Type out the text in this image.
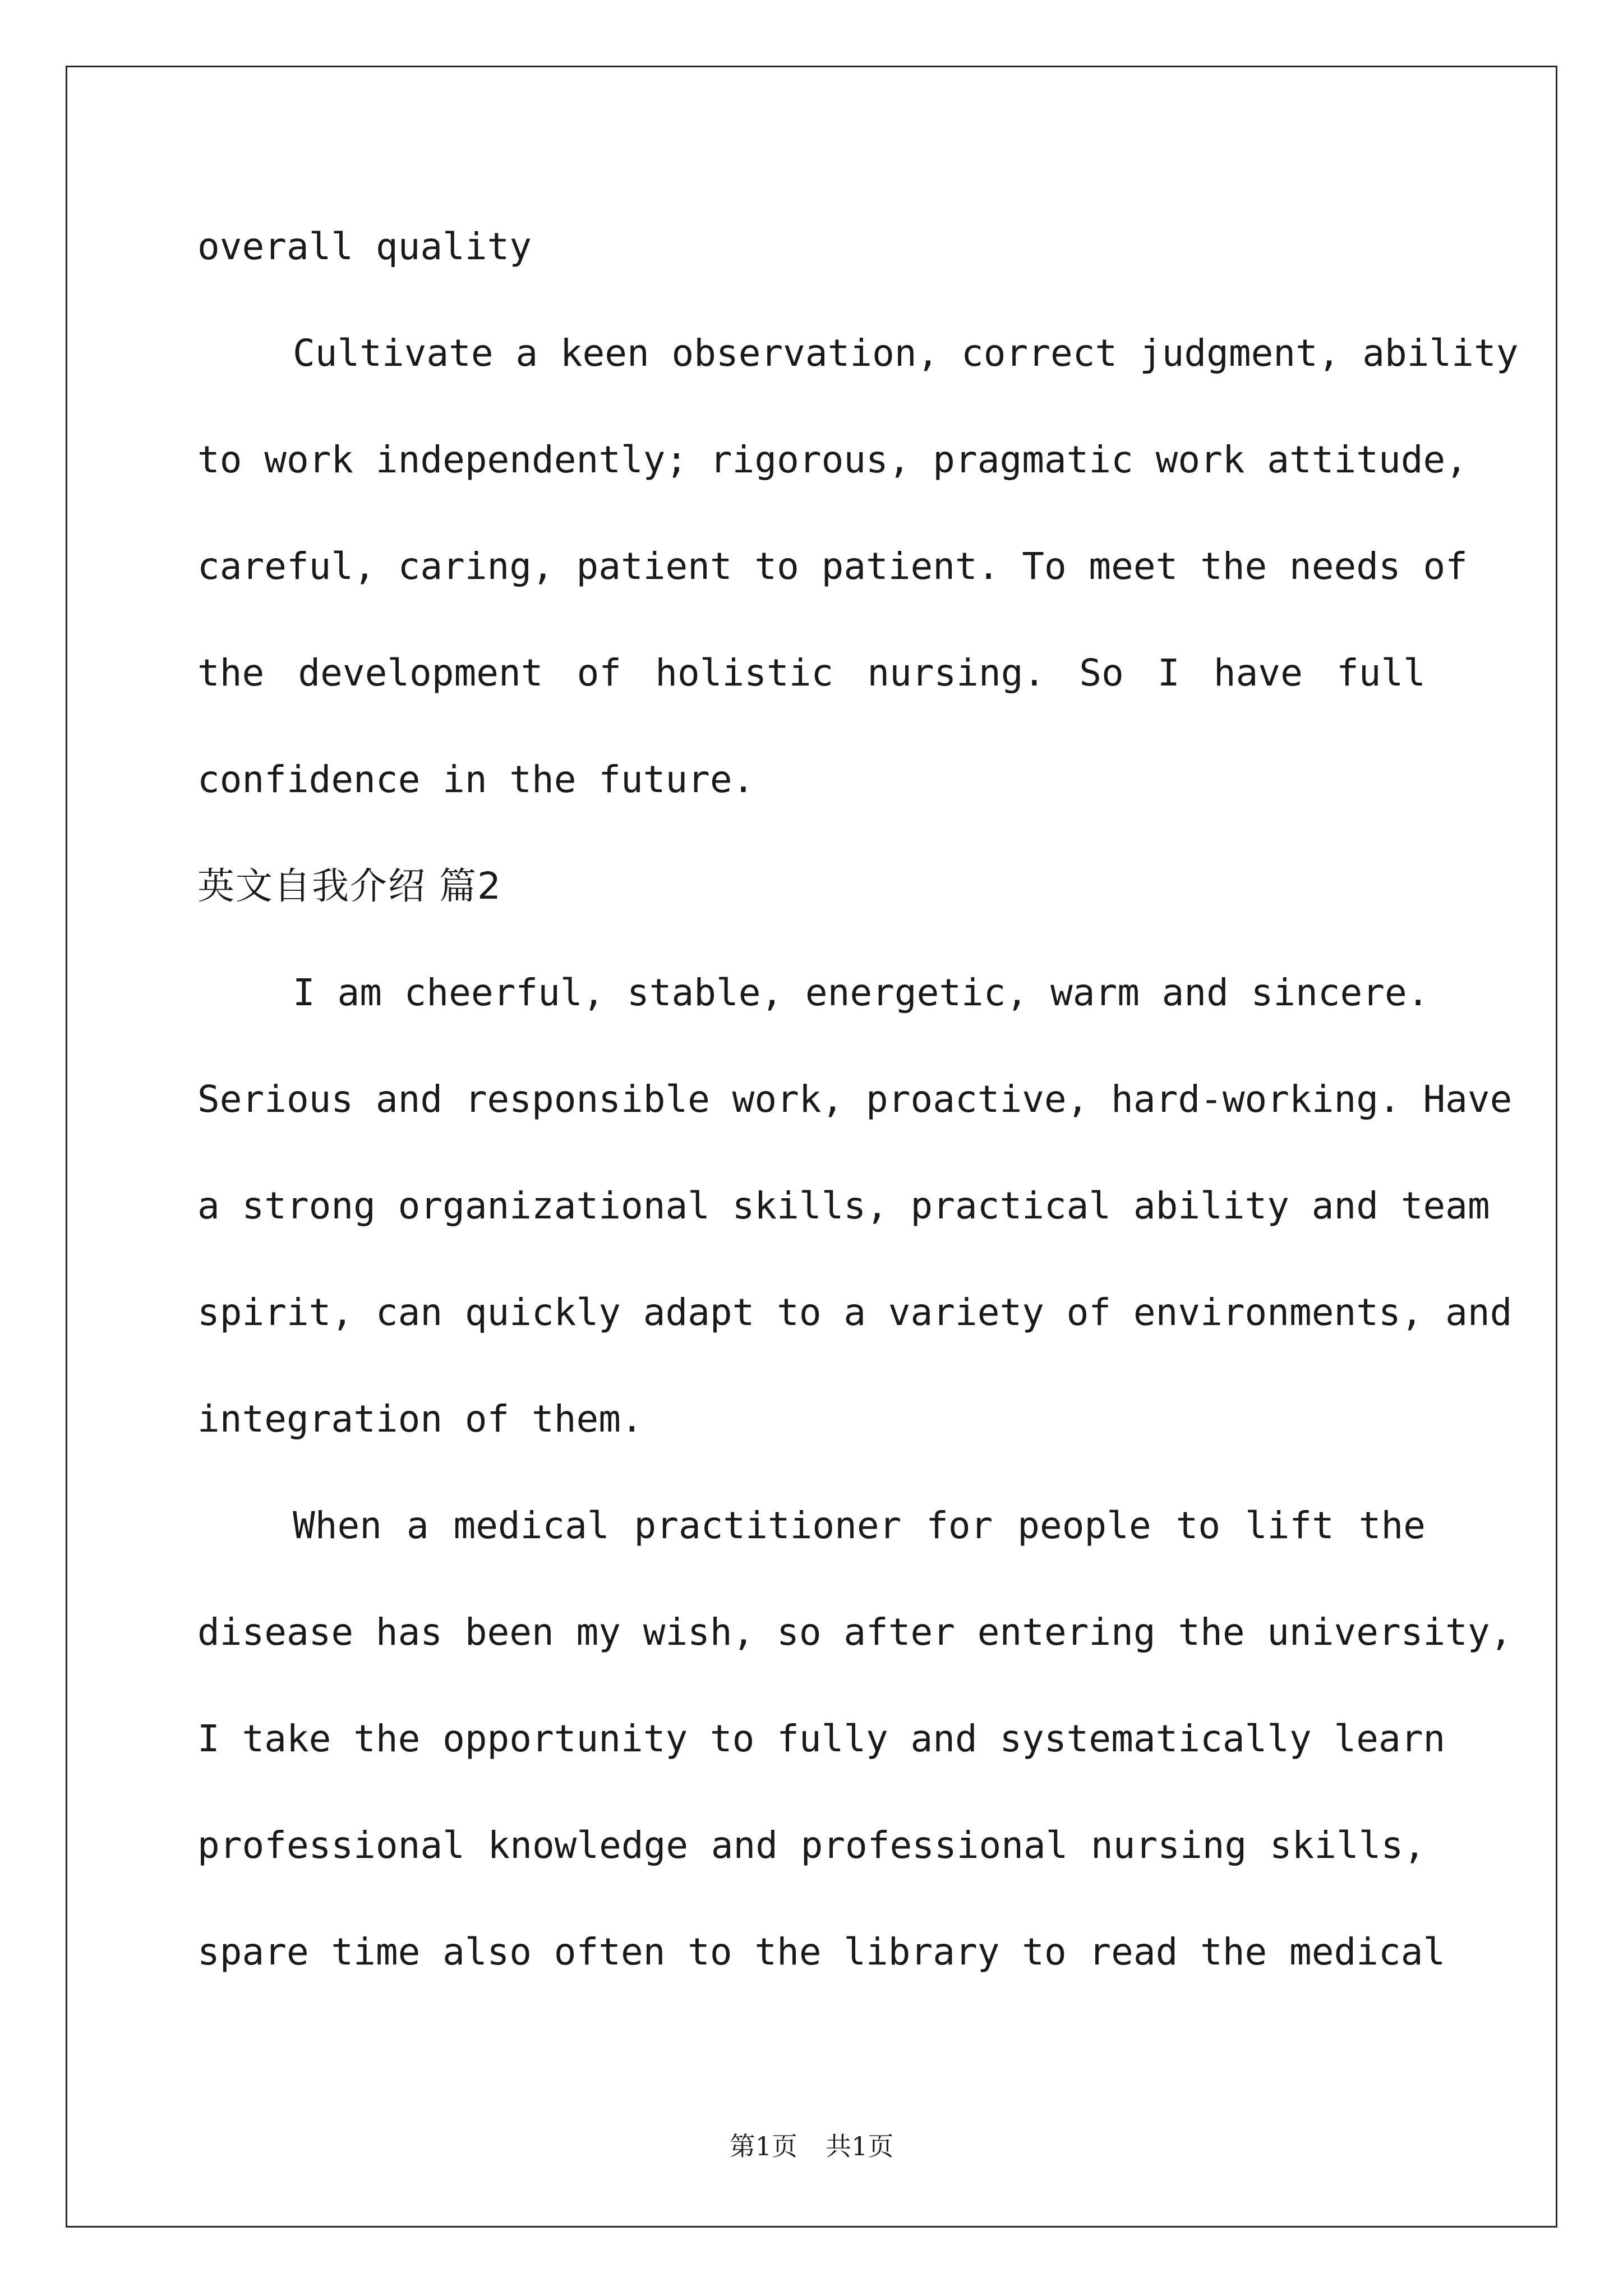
overall quality
Cultivate a keen observation, correct judgment, ability
to work independently; rigorous, pragmatic work attitude,
careful, caring, patient to patient. To meet the needs of
the development of holistic nursing. So I have full
confidence in the future.
英文自我介绍 篇2
I am cheerful, stable, energetic, warm and sincere.
Serious and responsible work, proactive, hard-working. Have
a strong organizational skills, practical ability and team
spirit, can quickly adapt to a variety of environments, and
integration of them.
When a medical practitioner for people to lift the
disease has been my wish, so after entering the university,
I take the opportunity to fully and systematically learn
professional knowledge and professional nursing skills,
spare time also often to the library to read the medical
第1页 共1页
